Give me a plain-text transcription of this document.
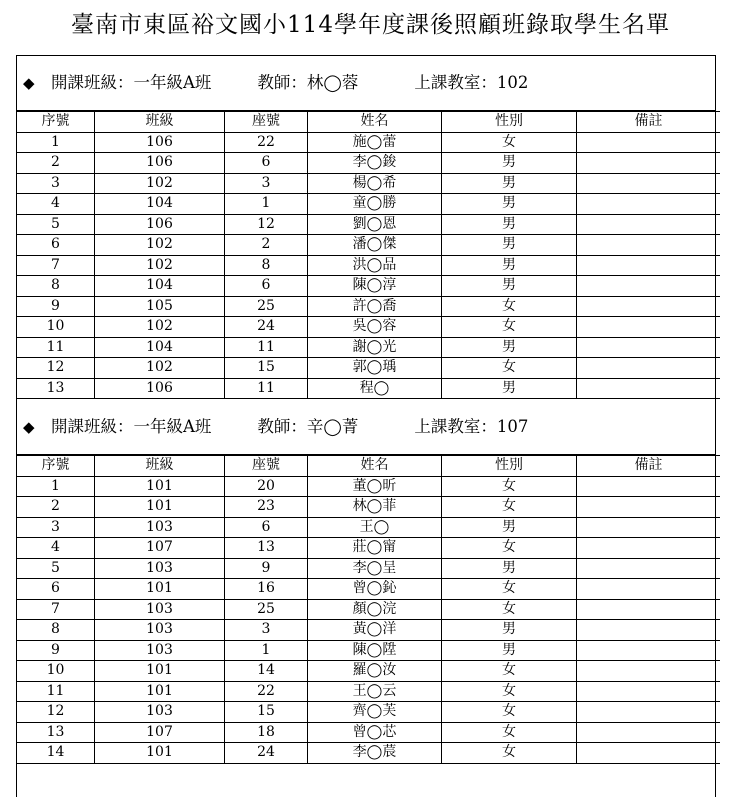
臺南市東區裕文國小114學年度課後照顧班錄取學生名單
◆ 開課班級：一年級A班	教師：林◯蓉	上課教室：102
序號	班級	座號	姓名	性別	備註
1	106	22	施◯蕾	女	
2	106	6	李◯鋑	男	
3	102	3	楊◯希	男	
4	104	1	童◯勝	男	
5	106	12	劉◯恩	男	
6	102	2	潘◯傑	男	
7	102	8	洪◯品	男	
8	104	6	陳◯淳	男	
9	105	25	許◯喬	女	
10	102	24	吳◯容	女	
11	104	11	謝◯光	男	
12	102	15	郭◯瑀	女	
13	106	11	程◯	男	
◆ 開課班級：一年級A班	教師：辛◯菁	上課教室：107
序號	班級	座號	姓名	性別	備註
1	101	20	董◯昕	女	
2	101	23	林◯菲	女	
3	103	6	王◯	男	
4	107	13	莊◯甯	女	
5	103	9	李◯呈	男	
6	101	16	曾◯鈊	女	
7	103	25	顏◯浣	女	
8	103	3	黃◯洋	男	
9	103	1	陳◯陞	男	
10	101	14	羅◯汝	女	
11	101	22	王◯云	女	
12	103	15	齊◯芙	女	
13	107	18	曾◯芯	女	
14	101	24	李◯莀	女	
